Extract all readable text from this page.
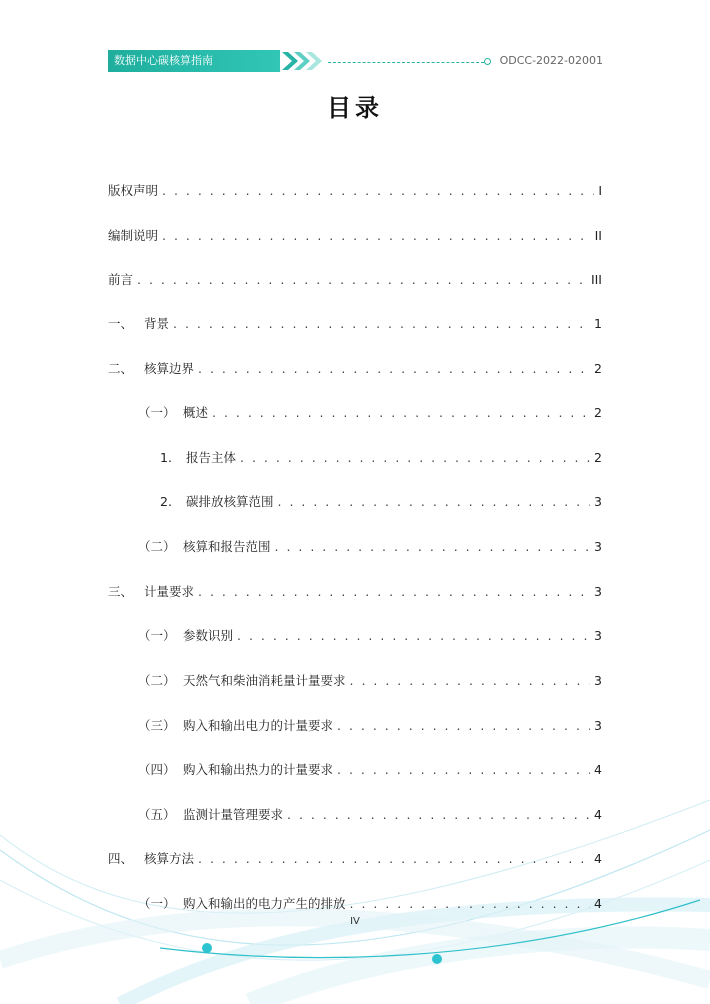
数据中心碳核算指南	ODCC-2022-02001
目录
版权声明 . . .	I
编制说明 . . .	II
前言 . . .	III
一、 背景 . . .	1
二、 核算边界 . . .	2
（一） 概述 . . .	2
1.	报告主体 . . .	2
2.	碳排放核算范围 . . .	3
（二） 核算和报告范围 . . .	3
三、 计量要求 . . .	3
（一） 参数识别 . . .	3
（二） 天然气和柴油消耗量计量要求 . . .	3
（三） 购入和输出电力的计量要求 . . .	3
（四） 购入和输出热力的计量要求 . . .	4
（五） 监测计量管理要求 . . .	4
四、 核算方法 . . .	4
（一） 购入和输出的电力产生的排放 . . .	4
IV
